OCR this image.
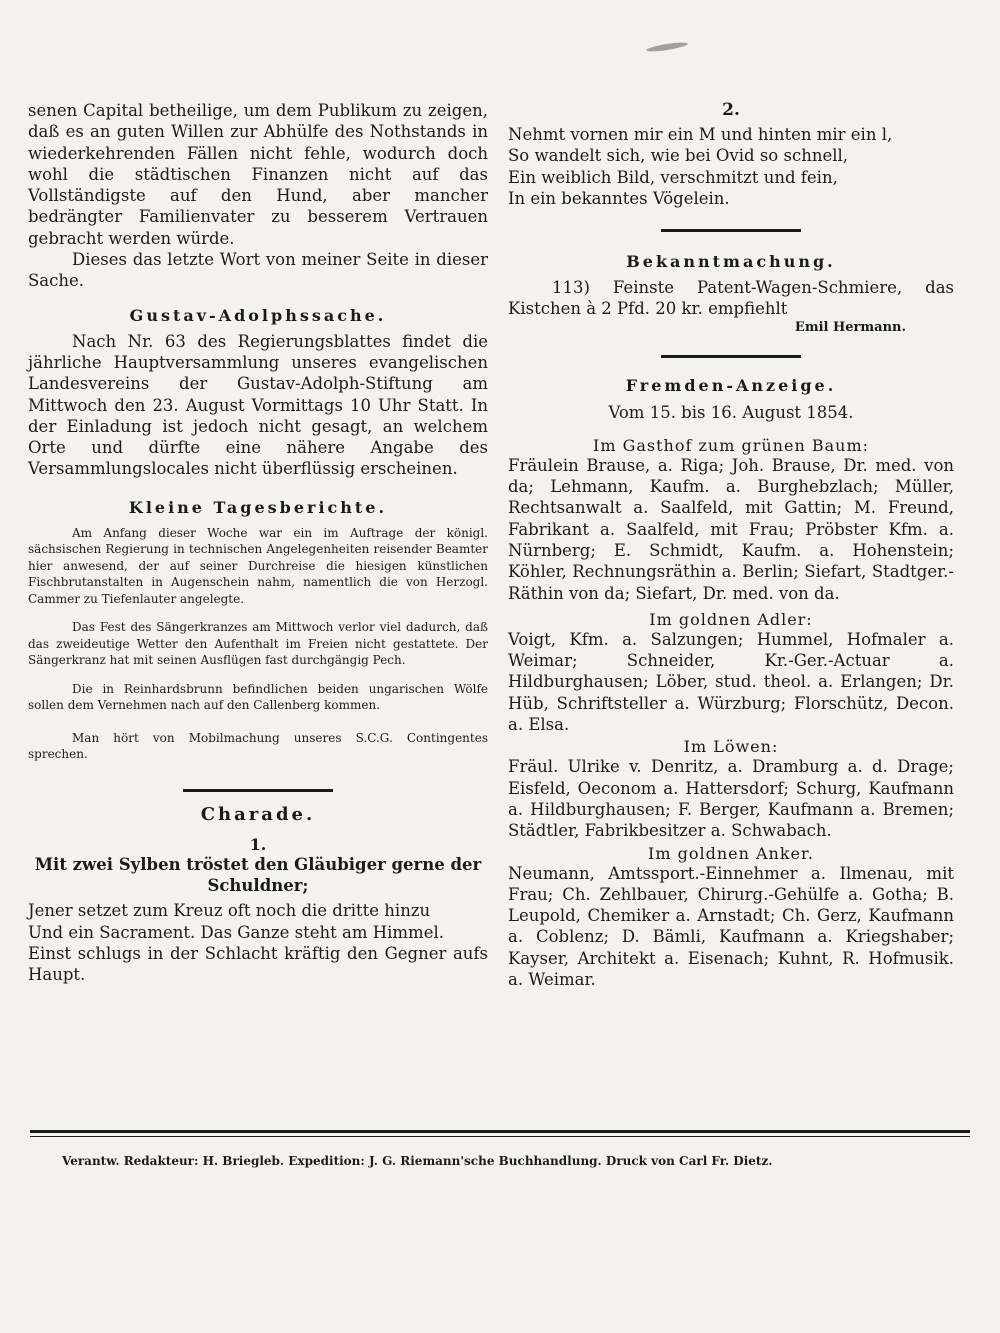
senen Capital betheilige, um dem Publikum zu zeigen, daß es an guten Willen zur Abhülfe des Nothstands in wiederkehrenden Fällen nicht fehle, wodurch doch wohl die städtischen Finanzen nicht auf das Vollständigste auf den Hund, aber mancher bedrängter Familienvater zu besserem Vertrauen gebracht werden würde.

Dieses das letzte Wort von meiner Seite in dieser Sache.

Gustav-Adolphssache.

Nach Nr. 63 des Regierungsblattes findet die jährliche Hauptversammlung unseres evangelischen Landesvereins der Gustav-Adolph-Stiftung am Mittwoch den 23. August Vormittags 10 Uhr Statt. In der Einladung ist jedoch nicht gesagt, an welchem Orte und dürfte eine nähere Angabe des Versammlungslocales nicht überflüssig erscheinen.

Kleine Tagesberichte.

Am Anfang dieser Woche war ein im Auftrage der königl. sächsischen Regierung in technischen Angelegenheiten reisender Beamter hier anwesend, der auf seiner Durchreise die hiesigen künstlichen Fischbrutanstalten in Augenschein nahm, namentlich die von Herzogl. Cammer zu Tiefenlauter angelegte.

Das Fest des Sängerkranzes am Mittwoch verlor viel dadurch, daß das zweideutige Wetter den Aufenthalt im Freien nicht gestattete. Der Sängerkranz hat mit seinen Ausflügen fast durchgängig Pech.

Die in Reinhardsbrunn befindlichen beiden ungarischen Wölfe sollen dem Vernehmen nach auf den Callenberg kommen.

Man hört von Mobilmachung unseres S.C.G. Contingentes sprechen.

Charade.

1.

Mit zwei Sylben tröstet den Gläubiger gerne der Schuldner;

Jener setzet zum Kreuz oft noch die dritte hinzu

Und ein Sacrament. Das Ganze steht am Himmel.

Einst schlugs in der Schlacht kräftig den Gegner aufs Haupt.

2.

Nehmt vornen mir ein M und hinten mir ein l,

So wandelt sich, wie bei Ovid so schnell,

Ein weiblich Bild, verschmitzt und fein,

In ein bekanntes Vögelein.

Bekanntmachung.

113) Feinste Patent-Wagen-Schmiere, das Kistchen à 2 Pfd. 20 kr. empfiehlt

Emil Hermann.

Fremden-Anzeige.

Vom 15. bis 16. August 1854.

Im Gasthof zum grünen Baum:

Fräulein Brause, a. Riga; Joh. Brause, Dr. med. von da; Lehmann, Kaufm. a. Burghebzlach; Müller, Rechtsanwalt a. Saalfeld, mit Gattin; M. Freund, Fabrikant a. Saalfeld, mit Frau; Pröbster Kfm. a. Nürnberg; E. Schmidt, Kaufm. a. Hohenstein; Köhler, Rechnungsräthin a. Berlin; Siefart, Stadtger.-Räthin von da; Siefart, Dr. med. von da.

Im goldnen Adler:

Voigt, Kfm. a. Salzungen; Hummel, Hofmaler a. Weimar; Schneider, Kr.-Ger.-Actuar a. Hildburghausen; Löber, stud. theol. a. Erlangen; Dr. Hüb, Schriftsteller a. Würzburg; Florschütz, Decon. a. Elsa.

Im Löwen:

Fräul. Ulrike v. Denritz, a. Dramburg a. d. Drage; Eisfeld, Oeconom a. Hattersdorf; Schurg, Kaufmann a. Hildburghausen; F. Berger, Kaufmann a. Bremen; Städtler, Fabrikbesitzer a. Schwabach.

Im goldnen Anker.

Neumann, Amtssport.-Einnehmer a. Ilmenau, mit Frau; Ch. Zehlbauer, Chirurg.-Gehülfe a. Gotha; B. Leupold, Chemiker a. Arnstadt; Ch. Gerz, Kaufmann a. Coblenz; D. Bämli, Kaufmann a. Kriegshaber; Kayser, Architekt a. Eisenach; Kuhnt, R. Hofmusik. a. Weimar.

Verantw. Redakteur: H. Briegleb. Expedition: J. G. Riemann'sche Buchhandlung. Druck von Carl Fr. Dietz.
